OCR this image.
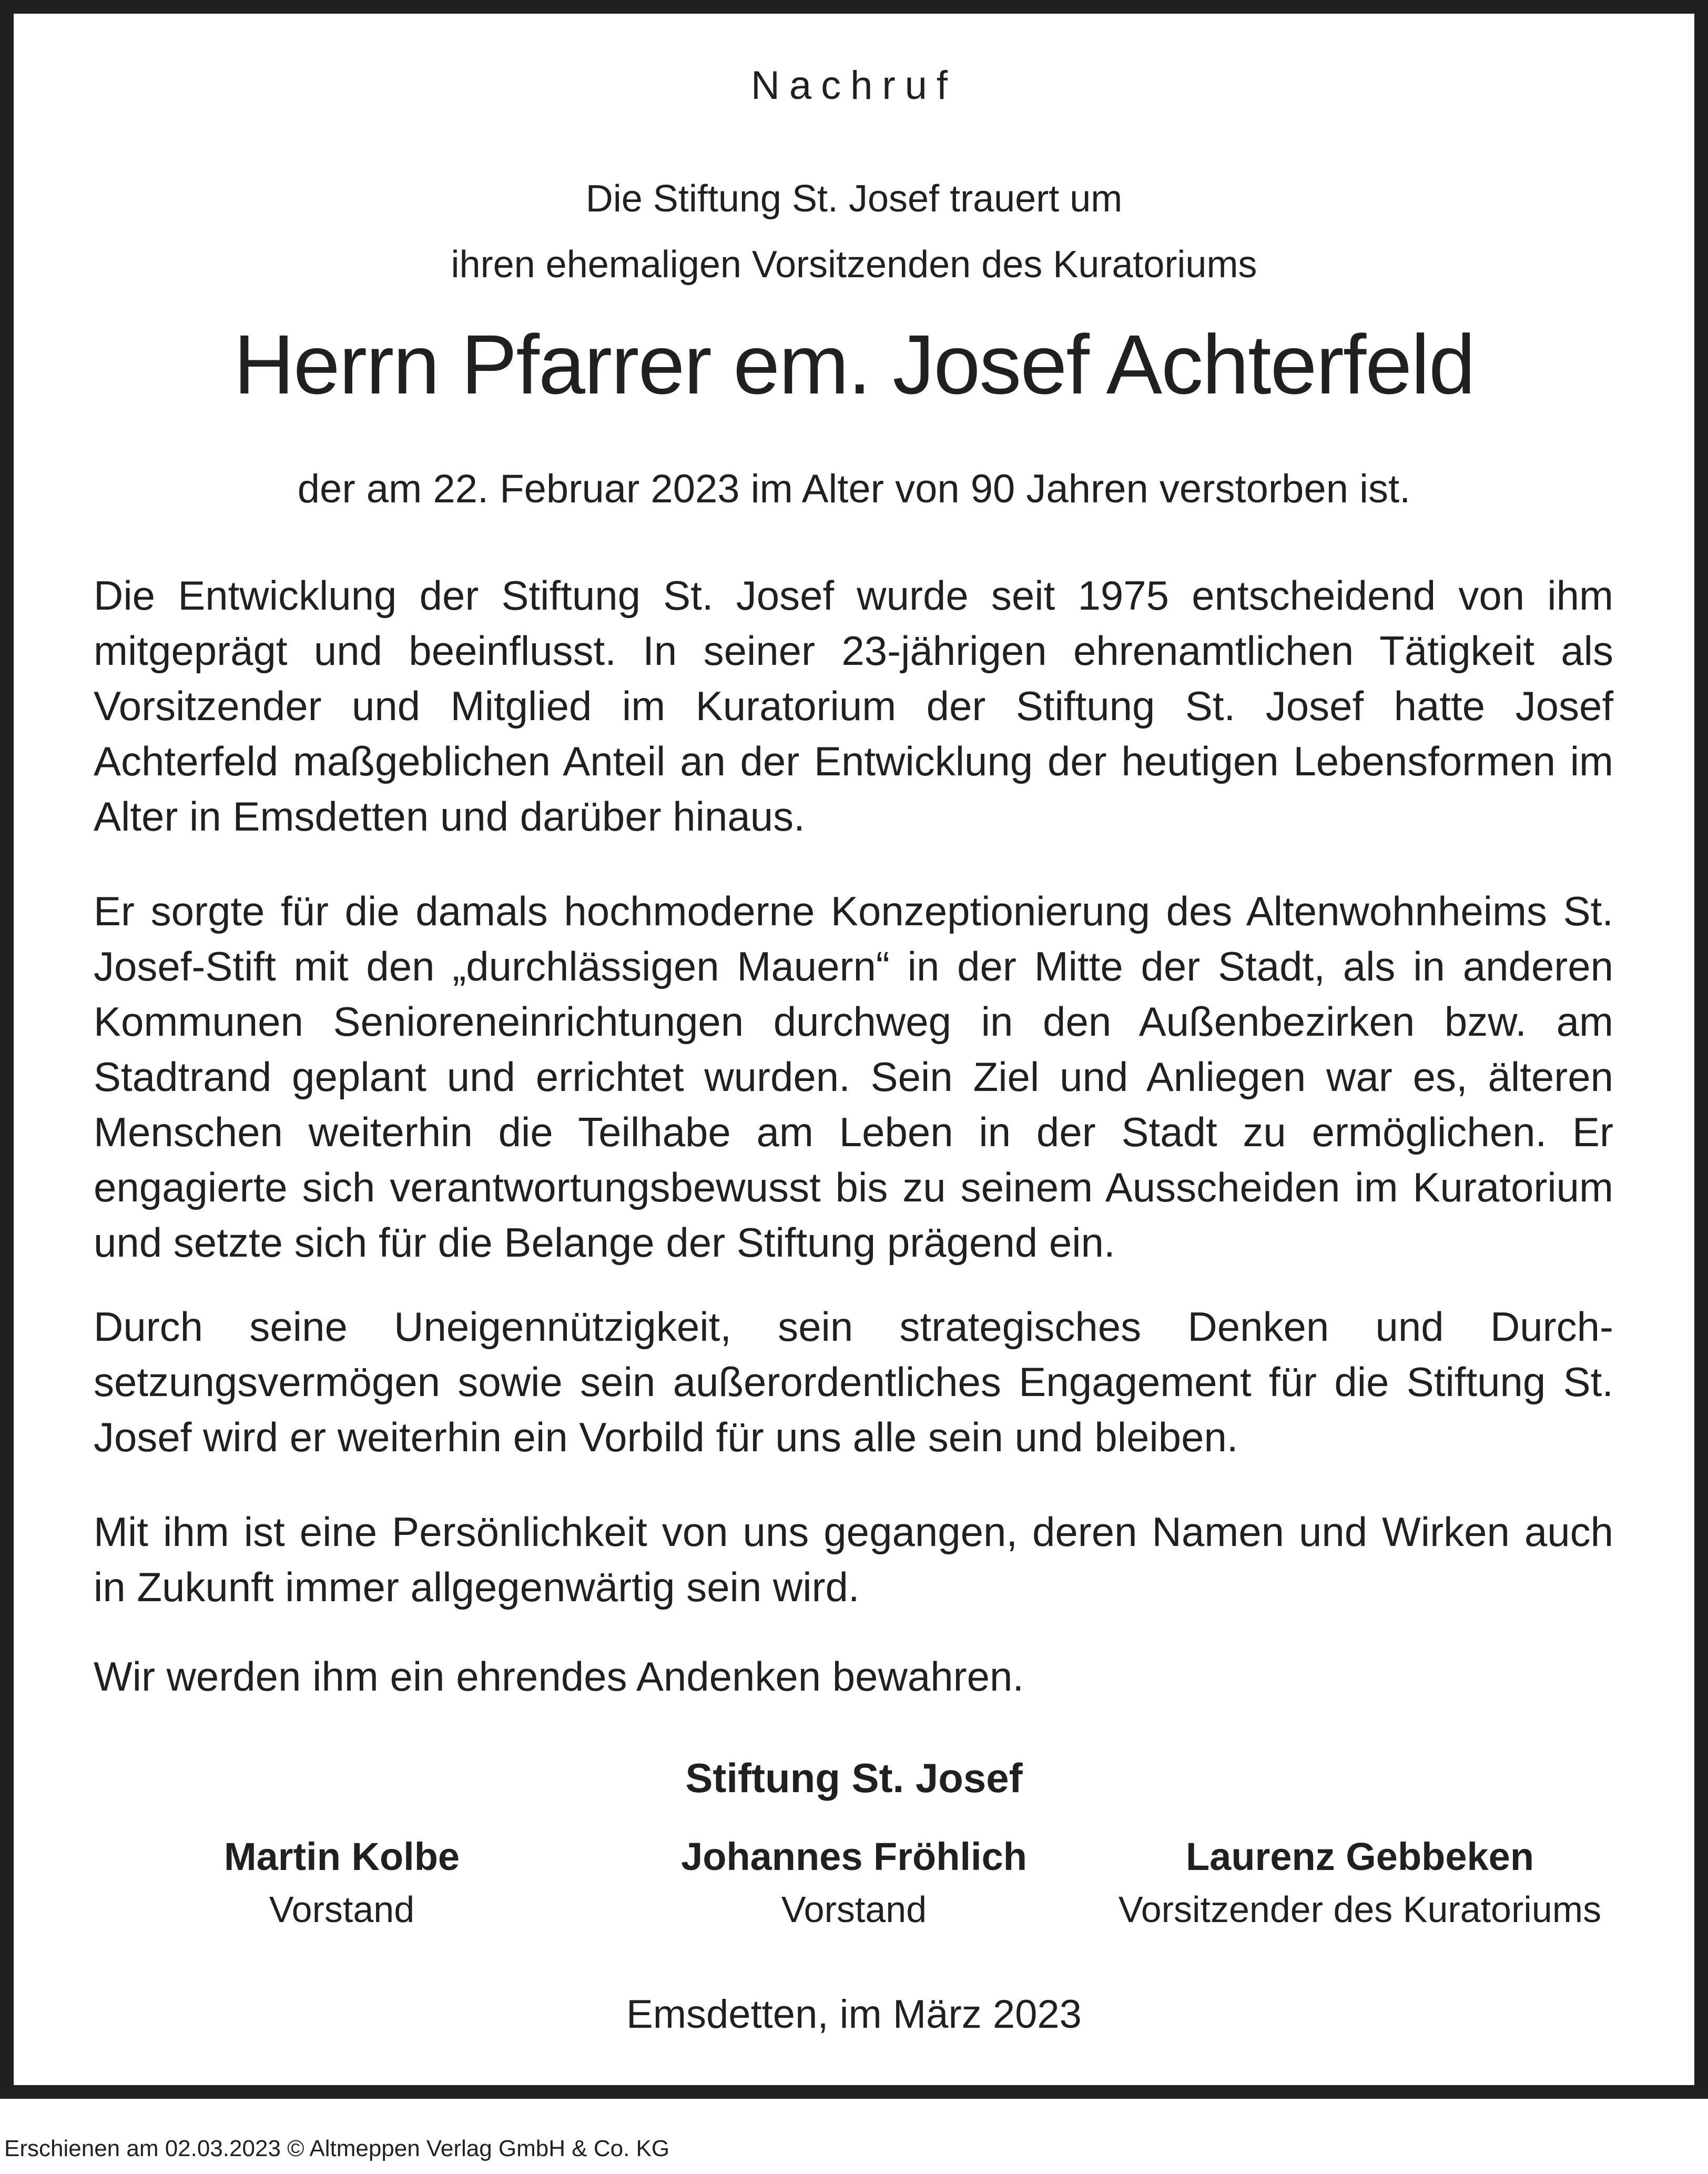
Nachruf
Die Stiftung St. Josef trauert um
ihren ehemaligen Vorsitzenden des Kuratoriums
Herrn Pfarrer em. Josef Achterfeld
der am 22. Februar 2023 im Alter von 90 Jahren verstorben ist.
Die Entwicklung der Stiftung St. Josef wurde seit 1975 entscheidend von ihm mitgeprägt und beeinflusst. In seiner 23-jährigen ehrenamtlichen Tätigkeit als Vorsitzender und Mitglied im Kuratorium der Stiftung St. Josef hatte Josef Achterfeld maßgeblichen Anteil an der Entwicklung der heutigen Lebensformen im Alter in Emsdetten und darüber hinaus.
Er sorgte für die damals hochmoderne Konzeptionierung des Altenwohnheims St. Josef-Stift mit den „durchlässigen Mauern“ in der Mitte der Stadt, als in anderen Kommunen Senioreneinrichtungen durchweg in den Außenbezirken bzw. am Stadtrand geplant und errichtet wurden. Sein Ziel und Anliegen war es, älteren Menschen weiterhin die Teilhabe am Leben in der Stadt zu ermöglichen. Er engagierte sich verantwortungsbewusst bis zu seinem Ausscheiden im Kuratorium und setzte sich für die Belange der Stiftung prägend ein.
Durch seine Uneigennützigkeit, sein strategisches Denken und Durch-setzungsvermögen sowie sein außerordentliches Engagement für die Stiftung St. Josef wird er weiterhin ein Vorbild für uns alle sein und bleiben.
Mit ihm ist eine Persönlichkeit von uns gegangen, deren Namen und Wirken auch in Zukunft immer allgegenwärtig sein wird.
Wir werden ihm ein ehrendes Andenken bewahren.
Stiftung St. Josef
Martin Kolbe
Vorstand
Johannes Fröhlich
Vorstand
Laurenz Gebbeken
Vorsitzender des Kuratoriums
Emsdetten, im März 2023
Erschienen am 02.03.2023 © Altmeppen Verlag GmbH & Co. KG
